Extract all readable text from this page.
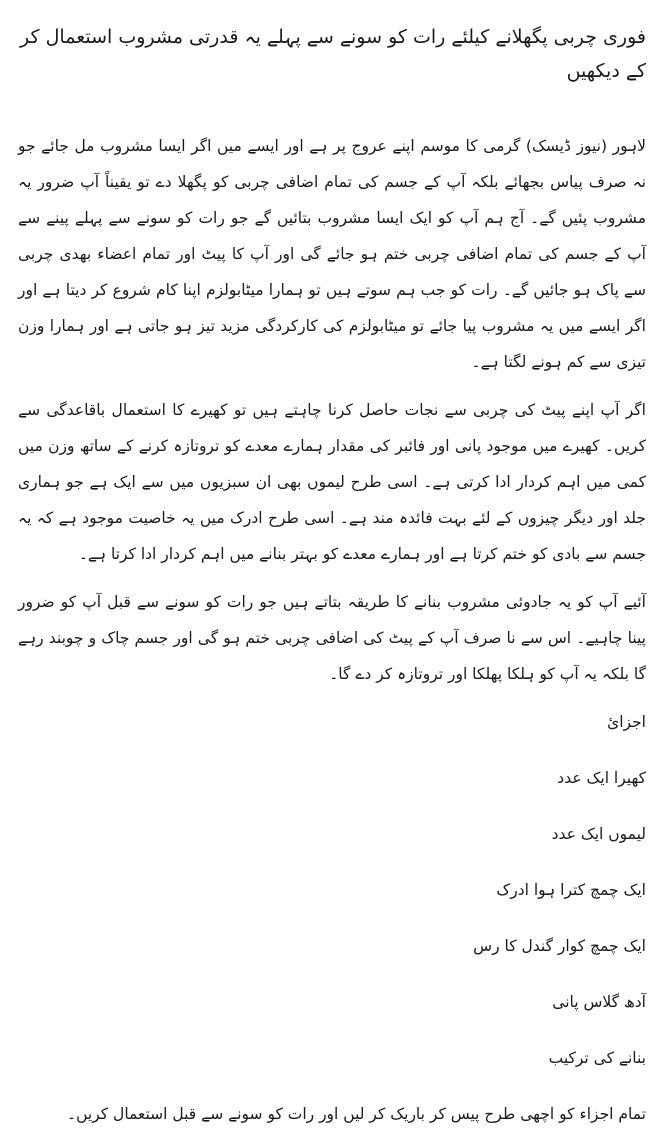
فوری چربی پگھلانے کیلئے رات کو سونے سے پہلے یہ قدرتی مشروب استعمال کر کے دیکھیں

لاہور (نیوز ڈیسک) گرمی کا موسم اپنے عروج پر ہے اور ایسے میں اگر ایسا مشروب مل جائے جو نہ صرف پیاس بجھائے بلکہ آپ کے جسم کی تمام اضافی چربی کو پگھلا دے تو یقیناً آپ ضرور یہ مشروب پئیں گے۔ آج ہم آپ کو ایک ایسا مشروب بتائیں گے جو رات کو سونے سے پہلے پینے سے آپ کے جسم کی تمام اضافی چربی ختم ہو جائے گی اور آپ کا پیٹ اور تمام اعضاء بھدی چربی سے پاک ہو جائیں گے۔ رات کو جب ہم سوتے ہیں تو ہمارا میٹابولزم اپنا کام شروع کر دیتا ہے اور اگر ایسے میں یہ مشروب پیا جائے تو میٹابولزم کی کارکردگی مزید تیز ہو جاتی ہے اور ہمارا وزن تیزی سے کم ہونے لگتا ہے۔

اگر آپ اپنے پیٹ کی چربی سے نجات حاصل کرنا چاہتے ہیں تو کھیرے کا استعمال باقاعدگی سے کریں۔ کھیرے میں موجود پانی اور فائبر کی مقدار ہمارے معدے کو تروتازہ کرنے کے ساتھ وزن میں کمی میں اہم کردار ادا کرتی ہے۔ اسی طرح لیموں بھی ان سبزیوں میں سے ایک ہے جو ہماری جلد اور دیگر چیزوں کے لئے بہت فائدہ مند ہے۔ اسی طرح ادرک میں یہ خاصیت موجود ہے کہ یہ جسم سے بادی کو ختم کرتا ہے اور ہمارے معدے کو بہتر بنانے میں اہم کردار ادا کرتا ہے۔

آئیے آپ کو یہ جادوئی مشروب بنانے کا طریقہ بتاتے ہیں جو رات کو سونے سے قبل آپ کو ضرور پینا چاہیے۔ اس سے نا صرف آپ کے پیٹ کی اضافی چربی ختم ہو گی اور جسم چاک و چوبند رہے گا بلکہ یہ آپ کو ہلکا پھلکا اور تروتازہ کر دے گا۔

اجزائ
کھیرا ایک عدد
لیموں ایک عدد
ایک چمچ کترا ہوا ادرک
ایک چمچ کوار گندل کا رس
آدھ گلاس پانی
بنانے کی ترکیب

تمام اجزاء کو اچھی طرح پیس کر باریک کر لیں اور رات کو سونے سے قبل استعمال کریں۔
